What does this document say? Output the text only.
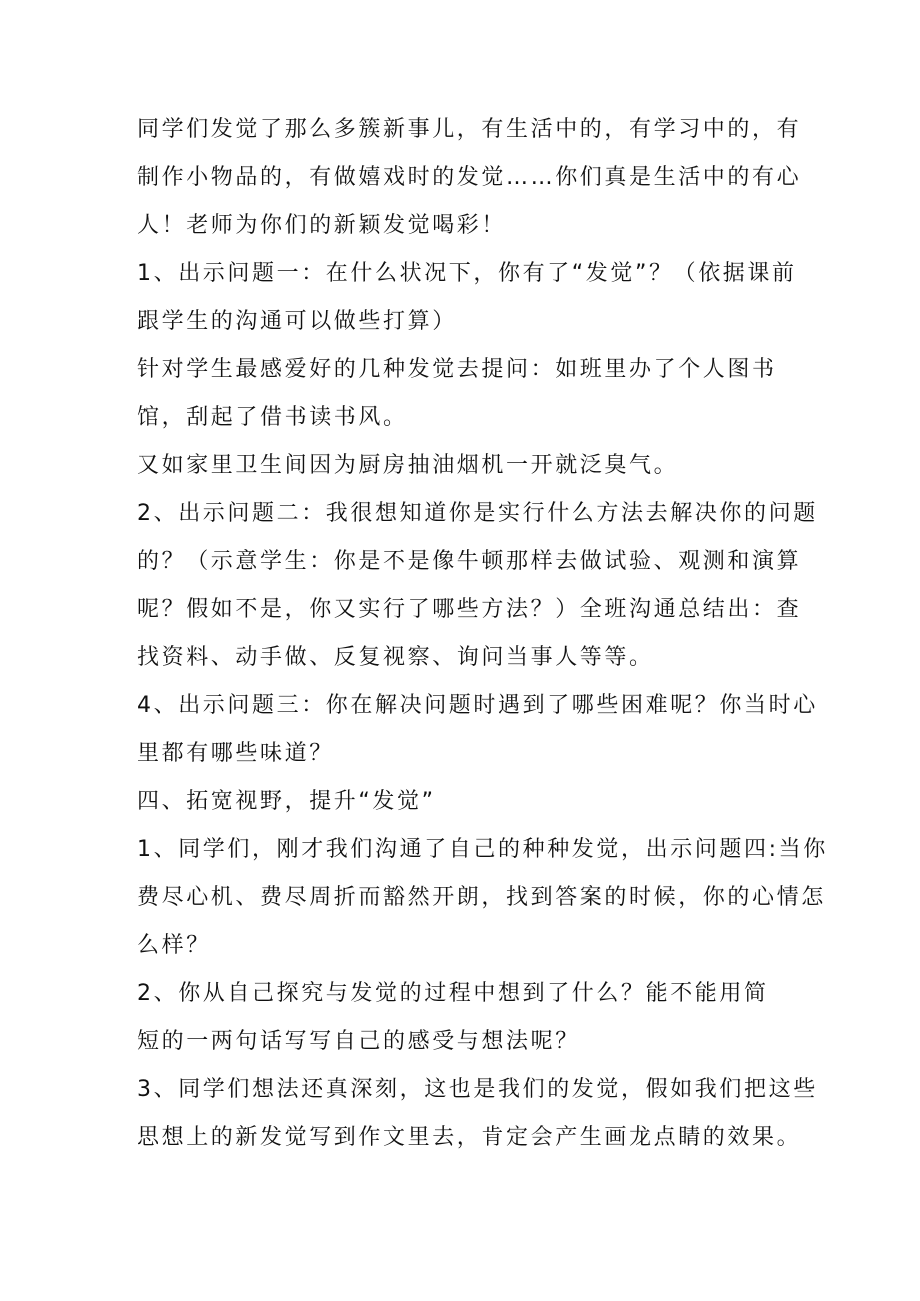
同学们发觉了那么多簇新事儿，有生活中的，有学习中的，有
制作小物品的，有做嬉戏时的发觉……你们真是生活中的有心
人！老师为你们的新颖发觉喝彩！
1、出示问题一：在什么状况下，你有了“发觉”？（依据课前
跟学生的沟通可以做些打算）
针对学生最感爱好的几种发觉去提问：如班里办了个人图书
馆，刮起了借书读书风。
又如家里卫生间因为厨房抽油烟机一开就泛臭气。
2、出示问题二：我很想知道你是实行什么方法去解决你的问题
的？（示意学生：你是不是像牛顿那样去做试验、观测和演算
呢？假如不是，你又实行了哪些方法？）全班沟通总结出：查
找资料、动手做、反复视察、询问当事人等等。
4、出示问题三：你在解决问题时遇到了哪些困难呢？你当时心
里都有哪些味道？
四、拓宽视野，提升“发觉”
1、同学们，刚才我们沟通了自己的种种发觉，出示问题四:当你
费尽心机、费尽周折而豁然开朗，找到答案的时候，你的心情怎
么样？
2、你从自己探究与发觉的过程中想到了什么？能不能用简
短的一两句话写写自己的感受与想法呢？
3、同学们想法还真深刻，这也是我们的发觉，假如我们把这些
思想上的新发觉写到作文里去，肯定会产生画龙点睛的效果。
